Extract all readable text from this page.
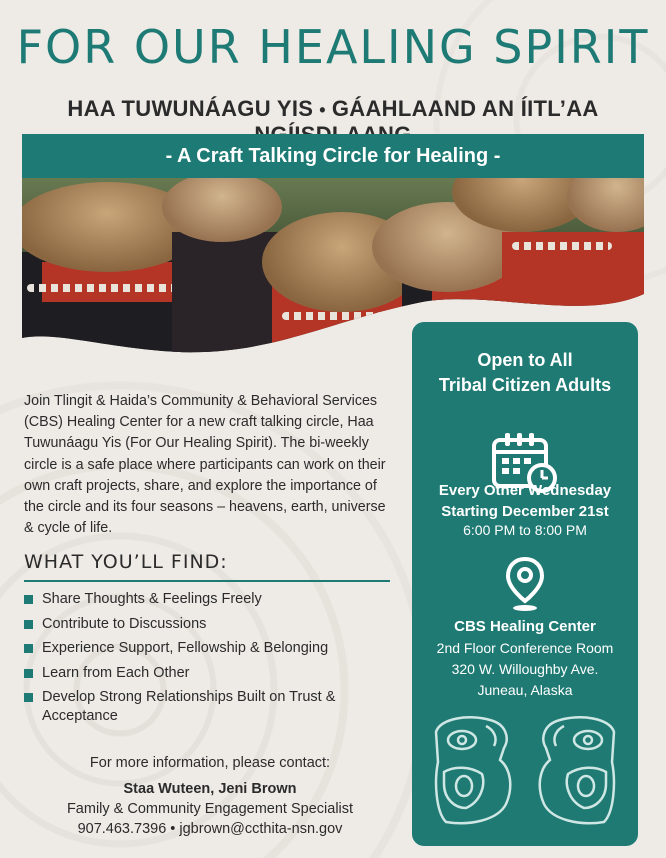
FOR OUR HEALING SPIRIT
HAA TUWUNÁAGU YIS • GÁAHLAAND AN ÍITL’AA
- A Craft Talking Circle for Healing -
Join Tlingit & Haida’s Community & Behavioral Services (CBS) Healing Center for a new craft talking circle, Haa Tuwunáagu Yis (For Our Healing Spirit). The bi-weekly circle is a safe place where participants can work on their own craft projects, share, and explore the importance of the circle and its four seasons – heavens, earth, universe & cycle of life.
WHAT YOU’LL FIND:
Share Thoughts & Feelings Freely
Contribute to Discussions
Experience Support, Fellowship & Belonging
Learn from Each Other
Develop Strong Relationships Built on Trust & Acceptance
For more information, please contact:
Staa Wuteen, Jeni Brown
Family & Community Engagement Specialist
907.463.7396 • jgbrown@ccthita-nsn.gov
Open to All
Tribal Citizen Adults
Every Other Wednesday
Starting December 21st
6:00 PM to 8:00 PM
CBS Healing Center
2nd Floor Conference Room
320 W. Willoughby Ave.
Juneau, Alaska
